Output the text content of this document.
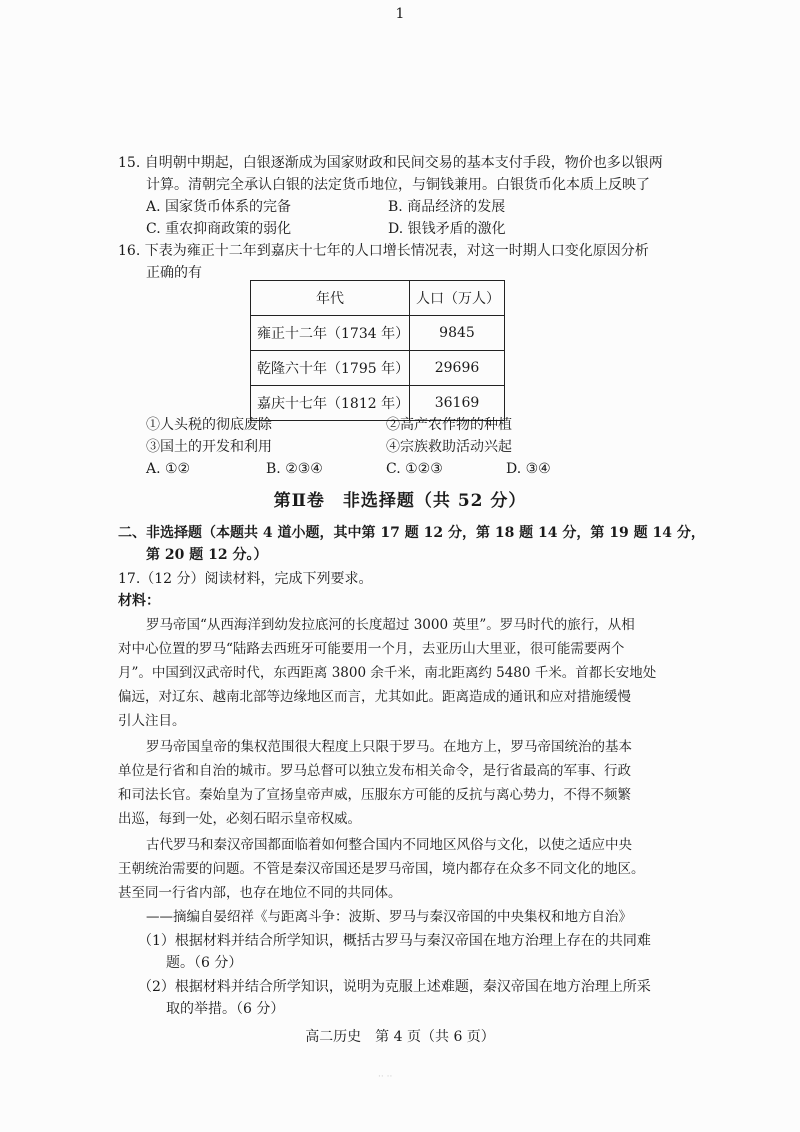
1
15. 自明朝中期起，白银逐渐成为国家财政和民间交易的基本支付手段，物价也多以银两
计算。清朝完全承认白银的法定货币地位，与铜钱兼用。白银货币化本质上反映了
A. 国家货币体系的完备	B. 商品经济的发展
C. 重农抑商政策的弱化	D. 银钱矛盾的激化
16. 下表为雍正十二年到嘉庆十七年的人口增长情况表，对这一时期人口变化原因分析
正确的有
年代	人口（万人）
雍正十二年（1734 年）	9845
乾隆六十年（1795 年）	29696
嘉庆十七年（1812 年）	36169
①人头税的彻底废除	②高产农作物的种植
③国土的开发和利用	④宗族救助活动兴起
A. ①②	B. ②③④	C. ①②③	D. ③④
第Ⅱ卷　非选择题（共 52 分）
二、非选择题（本题共 4 道小题，其中第 17 题 12 分，第 18 题 14 分，第 19 题 14 分，
第 20 题 12 分。）
17.（12 分）阅读材料，完成下列要求。
材料：
罗马帝国“从西海洋到幼发拉底河的长度超过 3000 英里”。罗马时代的旅行，从相
对中心位置的罗马“陆路去西班牙可能要用一个月，去亚历山大里亚，很可能需要两个
月”。中国到汉武帝时代，东西距离 3800 余千米，南北距离约 5480 千米。首都长安地处
偏远，对辽东、越南北部等边缘地区而言，尤其如此。距离造成的通讯和应对措施缓慢
引人注目。
罗马帝国皇帝的集权范围很大程度上只限于罗马。在地方上，罗马帝国统治的基本
单位是行省和自治的城市。罗马总督可以独立发布相关命令，是行省最高的军事、行政
和司法长官。秦始皇为了宣扬皇帝声威，压服东方可能的反抗与离心势力，不得不频繁
出巡，每到一处，必刻石昭示皇帝权威。
古代罗马和秦汉帝国都面临着如何整合国内不同地区风俗与文化，以使之适应中央
王朝统治需要的问题。不管是秦汉帝国还是罗马帝国，境内都存在众多不同文化的地区。
甚至同一行省内部，也存在地位不同的共同体。
——摘编自晏绍祥《与距离斗争：波斯、罗马与秦汉帝国的中央集权和地方自治》
（1）根据材料并结合所学知识，概括古罗马与秦汉帝国在地方治理上存在的共同难
题。（6 分）
（2）根据材料并结合所学知识，说明为克服上述难题，秦汉帝国在地方治理上所采
取的举措。（6 分）
高二历史　第 4 页（共 6 页）
·· ··
